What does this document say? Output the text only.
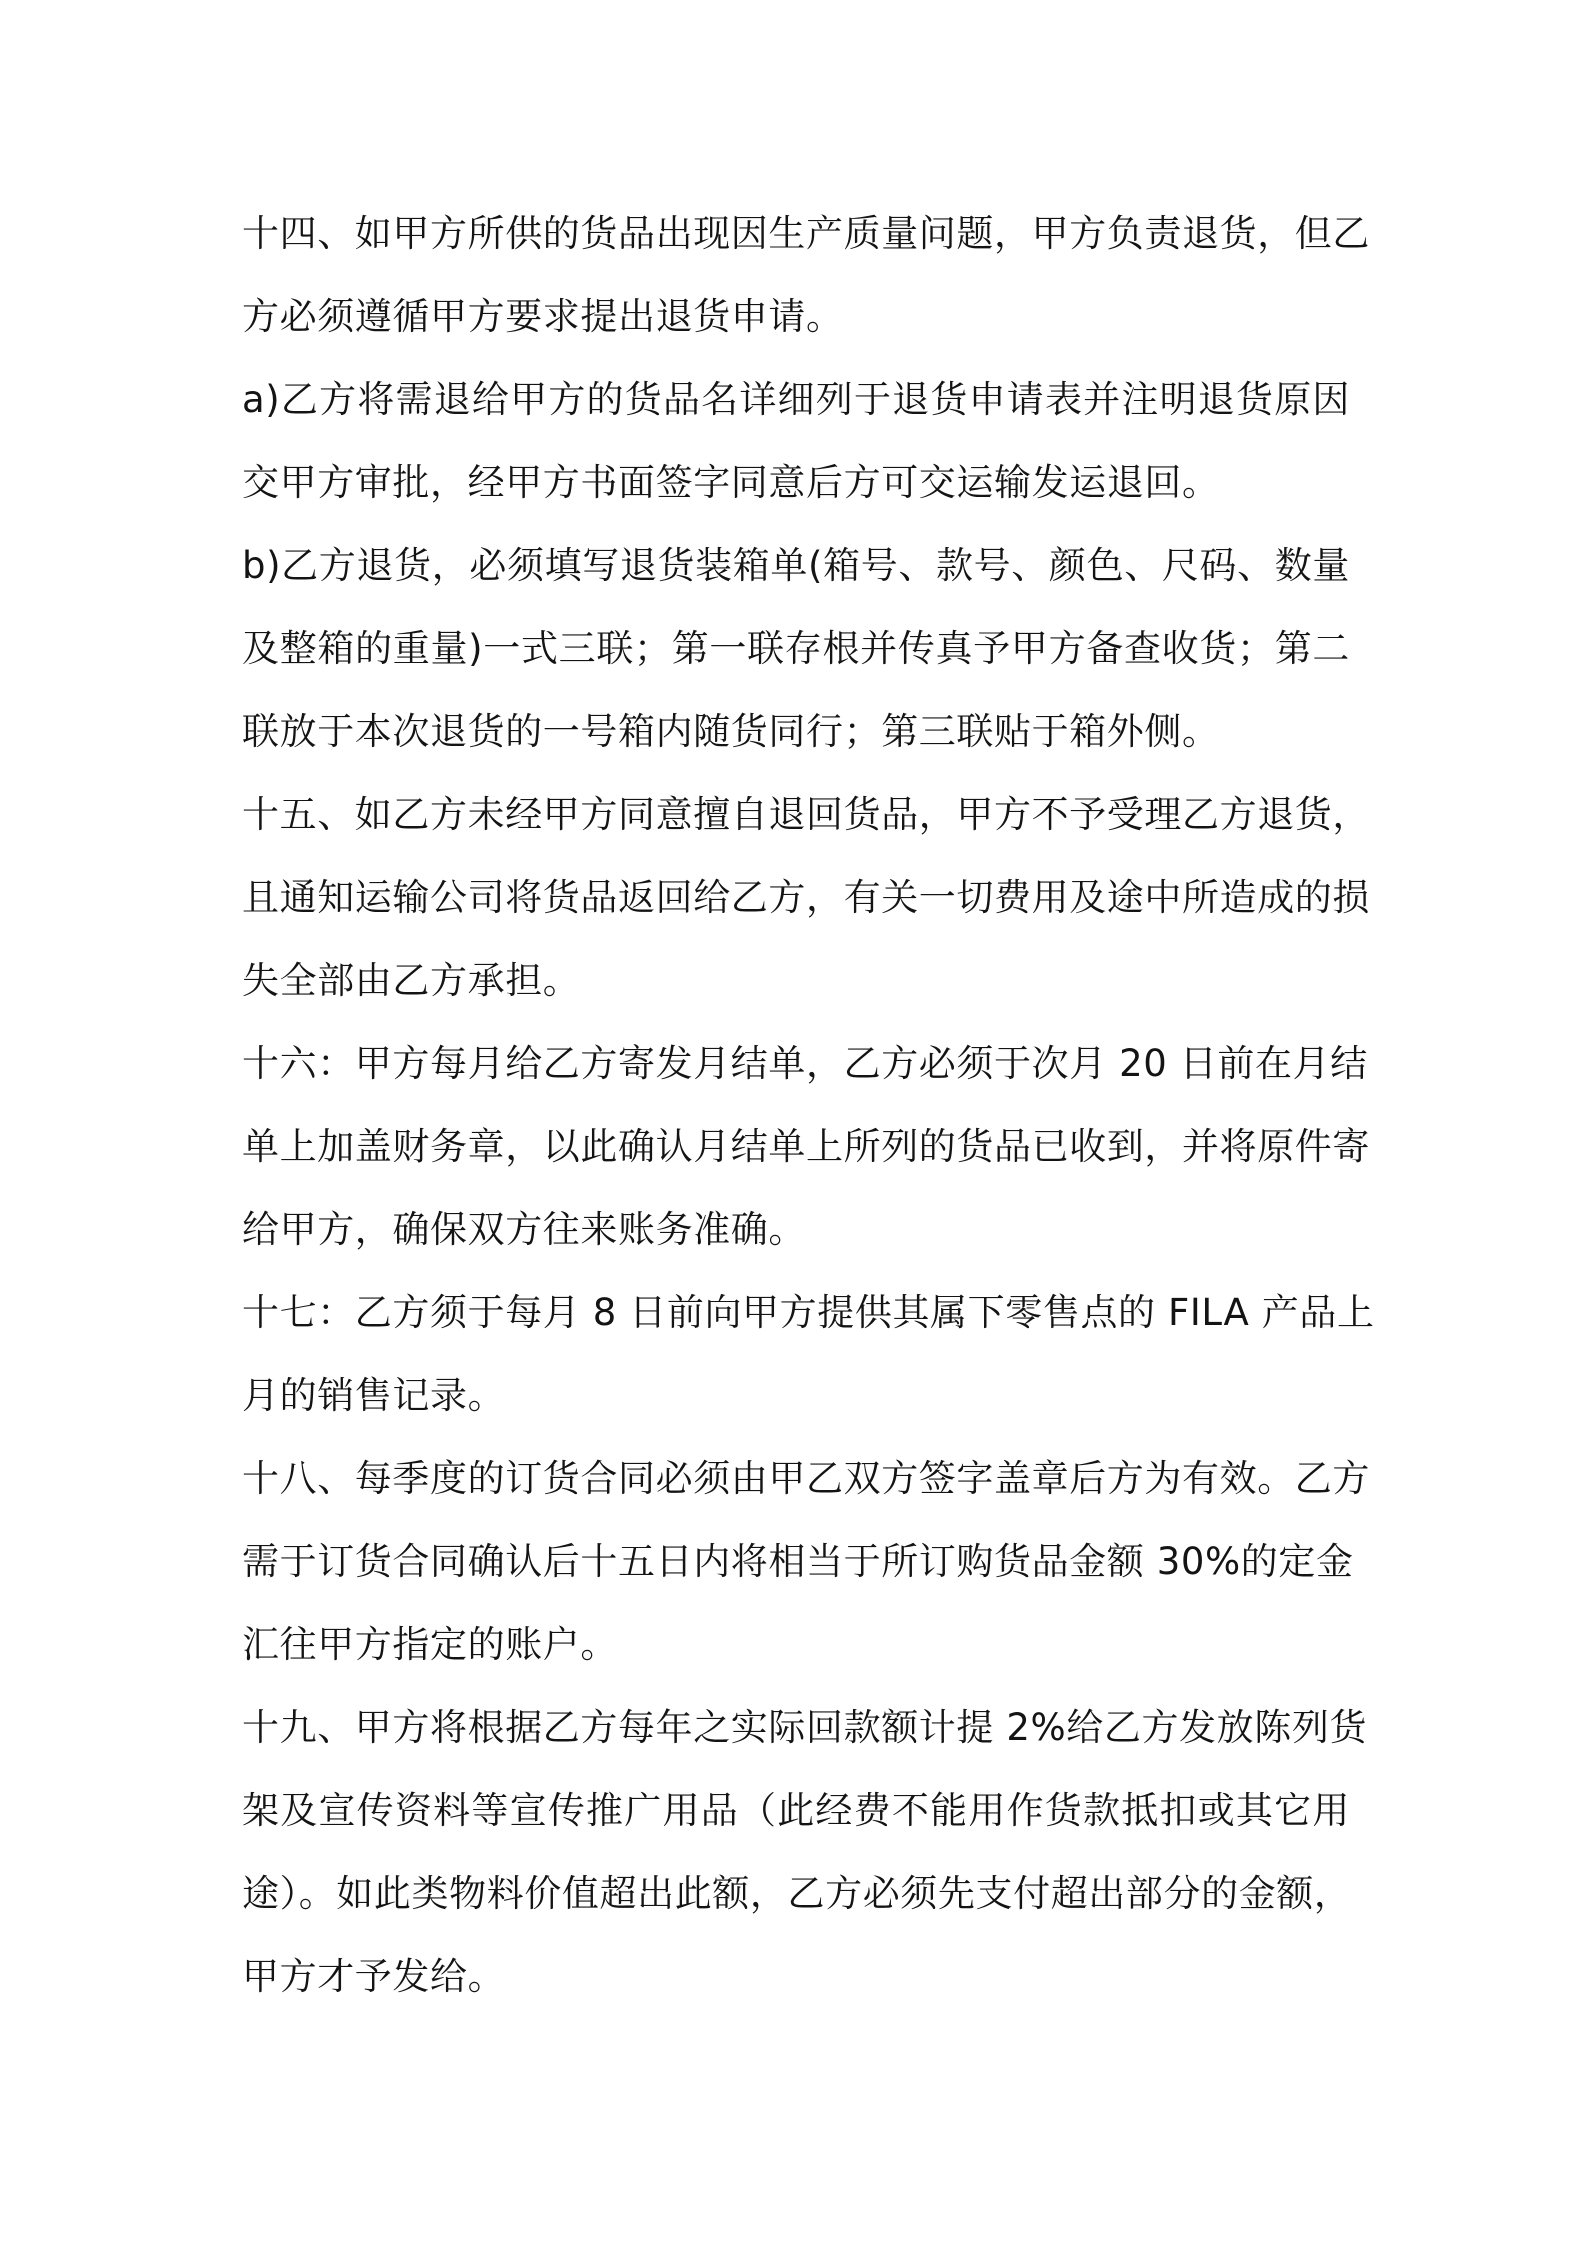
十四、如甲方所供的货品出现因生产质量问题，甲方负责退货，但乙
方必须遵循甲方要求提出退货申请。
a)乙方将需退给甲方的货品名详细列于退货申请表并注明退货原因
交甲方审批，经甲方书面签字同意后方可交运输发运退回。
b)乙方退货，必须填写退货装箱单(箱号、款号、颜色、尺码、数量
及整箱的重量)一式三联；第一联存根并传真予甲方备查收货；第二
联放于本次退货的一号箱内随货同行；第三联贴于箱外侧。
十五、如乙方未经甲方同意擅自退回货品，甲方不予受理乙方退货，
且通知运输公司将货品返回给乙方，有关一切费用及途中所造成的损
失全部由乙方承担。
十六：甲方每月给乙方寄发月结单，乙方必须于次月 20 日前在月结
单上加盖财务章，以此确认月结单上所列的货品已收到，并将原件寄
给甲方，确保双方往来账务准确。
十七：乙方须于每月 8 日前向甲方提供其属下零售点的 FILA 产品上
月的销售记录。
十八、每季度的订货合同必须由甲乙双方签字盖章后方为有效。乙方
需于订货合同确认后十五日内将相当于所订购货品金额 30%的定金
汇往甲方指定的账户。
十九、甲方将根据乙方每年之实际回款额计提 2%给乙方发放陈列货
架及宣传资料等宣传推广用品（此经费不能用作货款抵扣或其它用
途）。如此类物料价值超出此额，乙方必须先支付超出部分的金额，
甲方才予发给。
